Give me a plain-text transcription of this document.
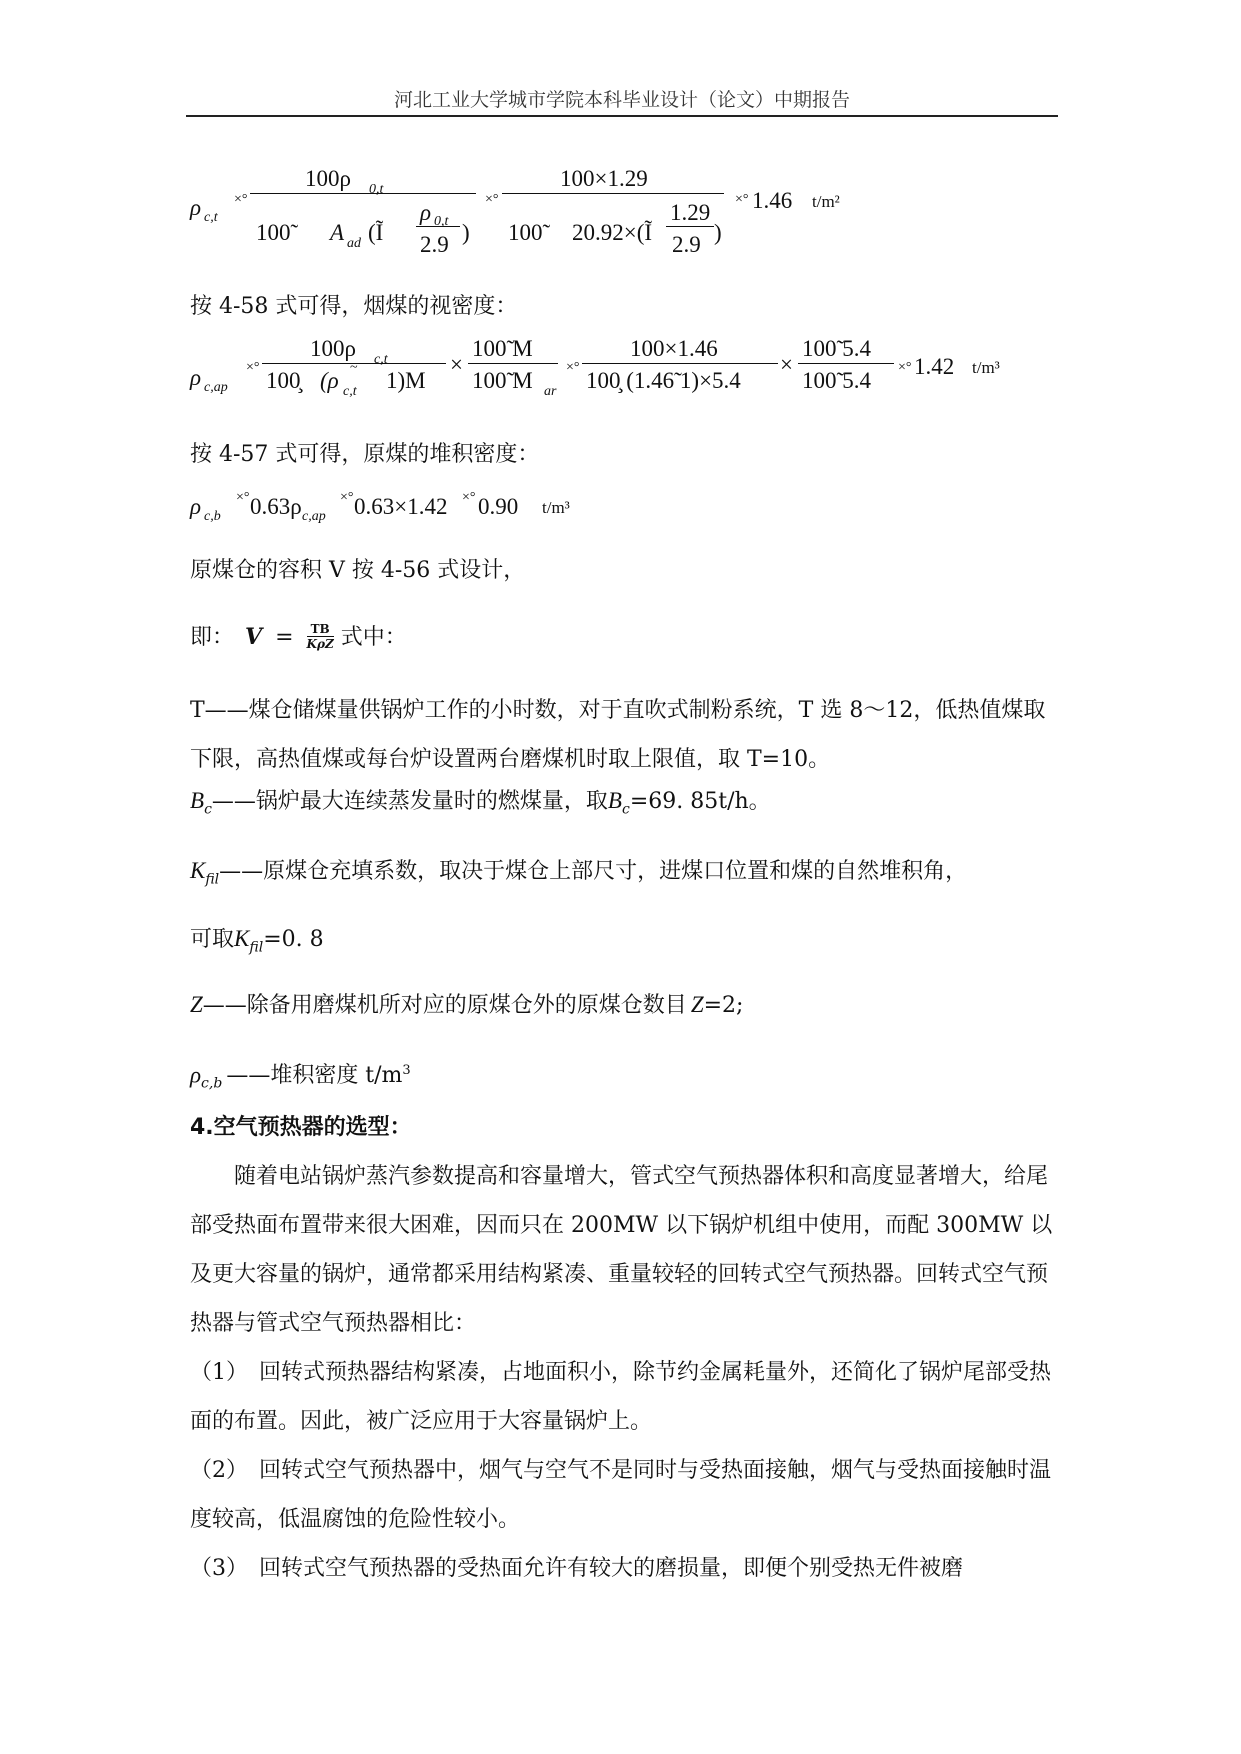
河北工业大学城市学院本科毕业设计（论文）中期报告
ρ c,t
×°
100ρ 0,t
100̃ A ad (Ĩ
ρ 0,t
2.9 )
×°
100×1.29
100̃ 20.92×(Ĩ
1.29
2.9 )
×° 1.46 t/m²
按 4-58 式可得，烟煤的视密度：
ρ c,ap
×°
100ρ c,t
100̧ (ρ c,t
~
1)M
×
100̃ M
100̃ M ar
×°
100×1.46
100̧ (1.46̃ 1)×5.4
×
100̃ 5.4
100̃ 5.4
×° 1.42 t/m³
按 4-57 式可得，原煤的堆积密度：
ρ c,b
×° 0.63ρ c,ap
×° 0.63×1.42 ×° 0.90 t/m³
原煤仓的容积 V 按 4-56 式设计，
即： V =	TB
KρZ 式中：
T——煤仓储煤量供锅炉工作的小时数，对于直吹式制粉系统，T 选 8～12，低热值煤取下限，高热值煤或每台炉设置两台磨煤机时取上限值，取 T=10。
$B_c——$锅炉最大连续蒸发量时的燃煤量，取$B_c=69$. 85t/h。
$K_{fil}——$原煤仓充填系数，取决于煤仓上部尺寸，进煤口位置和煤的自然堆积角，
可取$K_{fil}=0$. 8
Z——除备用磨煤机所对应的原煤仓外的原煤仓数目 Z=2;
$\rho_{c,b}$ ——堆积密度 $t/m^3$
4.空气预热器的选型：
随着电站锅炉蒸汽参数提高和容量增大，管式空气预热器体积和高度显著增大，给尾部受热面布置带来很大困难，因而只在 200MW 以下锅炉机组中使用，而配 300MW 以及更大容量的锅炉，通常都采用结构紧凑、重量较轻的回转式空气预热器。回转式空气预热器与管式空气预热器相比：
（1）　回转式预热器结构紧凑，占地面积小，除节约金属耗量外，还简化了锅炉尾部受热面的布置。因此，被广泛应用于大容量锅炉上。
（2）　回转式空气预热器中，烟气与空气不是同时与受热面接触，烟气与受热面接触时温度较高，低温腐蚀的危险性较小。
（3）　回转式空气预热器的受热面允许有较大的磨损量，即便个别受热无件被磨
